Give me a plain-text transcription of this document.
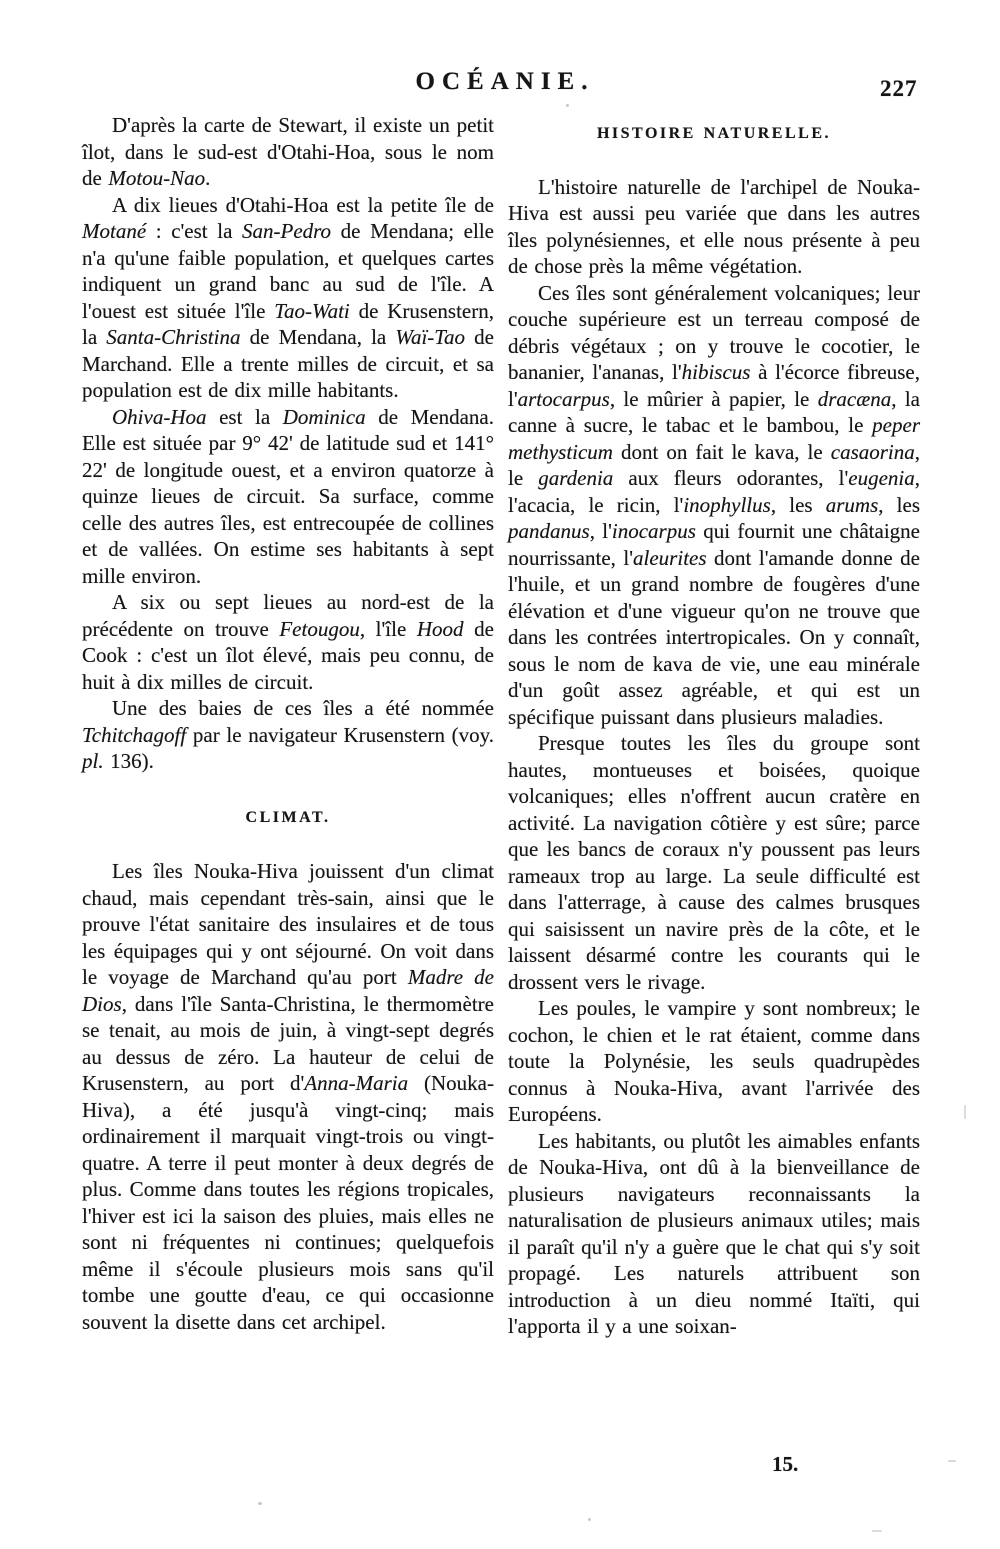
OCÉANIE.	227

D'après la carte de Stewart, il existe un petit îlot, dans le sud-est d'Otahi-Hoa, sous le nom de Motou-Nao.

A dix lieues d'Otahi-Hoa est la petite île de Motané : c'est la San-Pedro de Mendana; elle n'a qu'une faible population, et quelques cartes indiquent un grand banc au sud de l'île. A l'ouest est située l'île Tao-Wati de Krusenstern, la Santa-Christina de Mendana, la Waï-Tao de Marchand. Elle a trente milles de circuit, et sa population est de dix mille habitants.

Ohiva-Hoa est la Dominica de Mendana. Elle est située par 9° 42' de latitude sud et 141° 22' de longitude ouest, et a environ quatorze à quinze lieues de circuit. Sa surface, comme celle des autres îles, est entrecoupée de collines et de vallées. On estime ses habitants à sept mille environ.

A six ou sept lieues au nord-est de la précédente on trouve Fetougou, l'île Hood de Cook : c'est un îlot élevé, mais peu connu, de huit à dix milles de circuit.

Une des baies de ces îles a été nommée Tchitchagoff par le navigateur Krusenstern (voy. pl. 136).

CLIMAT.

Les îles Nouka-Hiva jouissent d'un climat chaud, mais cependant très-sain, ainsi que le prouve l'état sanitaire des insulaires et de tous les équipages qui y ont séjourné. On voit dans le voyage de Marchand qu'au port Madre de Dios, dans l'île Santa-Christina, le thermomètre se tenait, au mois de juin, à vingt-sept degrés au dessus de zéro. La hauteur de celui de Krusenstern, au port d'Anna-Maria (Nouka-Hiva), a été jusqu'à vingt-cinq; mais ordinairement il marquait vingt-trois ou vingt-quatre. A terre il peut monter à deux degrés de plus. Comme dans toutes les régions tropicales, l'hiver est ici la saison des pluies, mais elles ne sont ni fréquentes ni continues; quelquefois même il s'écoule plusieurs mois sans qu'il tombe une goutte d'eau, ce qui occasionne souvent la disette dans cet archipel.

HISTOIRE NATURELLE.

L'histoire naturelle de l'archipel de Nouka-Hiva est aussi peu variée que dans les autres îles polynésiennes, et elle nous présente à peu de chose près la même végétation.

Ces îles sont généralement volcaniques; leur couche supérieure est un terreau composé de débris végétaux ; on y trouve le cocotier, le bananier, l'ananas, l'hibiscus à l'écorce fibreuse, l'artocarpus, le mûrier à papier, le dracæna, la canne à sucre, le tabac et le bambou, le peper methysticum dont on fait le kava, le casaorina, le gardenia aux fleurs odorantes, l'eugenia, l'acacia, le ricin, l'inophyllus, les arums, les pandanus, l'inocarpus qui fournit une châtaigne nourrissante, l'aleurites dont l'amande donne de l'huile, et un grand nombre de fougères d'une élévation et d'une vigueur qu'on ne trouve que dans les contrées intertropicales. On y connaît, sous le nom de kava de vie, une eau minérale d'un goût assez agréable, et qui est un spécifique puissant dans plusieurs maladies.

Presque toutes les îles du groupe sont hautes, montueuses et boisées, quoique volcaniques; elles n'offrent aucun cratère en activité. La navigation côtière y est sûre; parce que les bancs de coraux n'y poussent pas leurs rameaux trop au large. La seule difficulté est dans l'atterrage, à cause des calmes brusques qui saisissent un navire près de la côte, et le laissent désarmé contre les courants qui le drossent vers le rivage.

Les poules, le vampire y sont nombreux; le cochon, le chien et le rat étaient, comme dans toute la Polynésie, les seuls quadrupèdes connus à Nouka-Hiva, avant l'arrivée des Européens.

Les habitants, ou plutôt les aimables enfants de Nouka-Hiva, ont dû à la bienveillance de plusieurs navigateurs reconnaissants la naturalisation de plusieurs animaux utiles; mais il paraît qu'il n'y a guère que le chat qui s'y soit propagé. Les naturels attribuent son introduction à un dieu nommé Itaïti, qui l'apporta il y a une soixan-

15.
